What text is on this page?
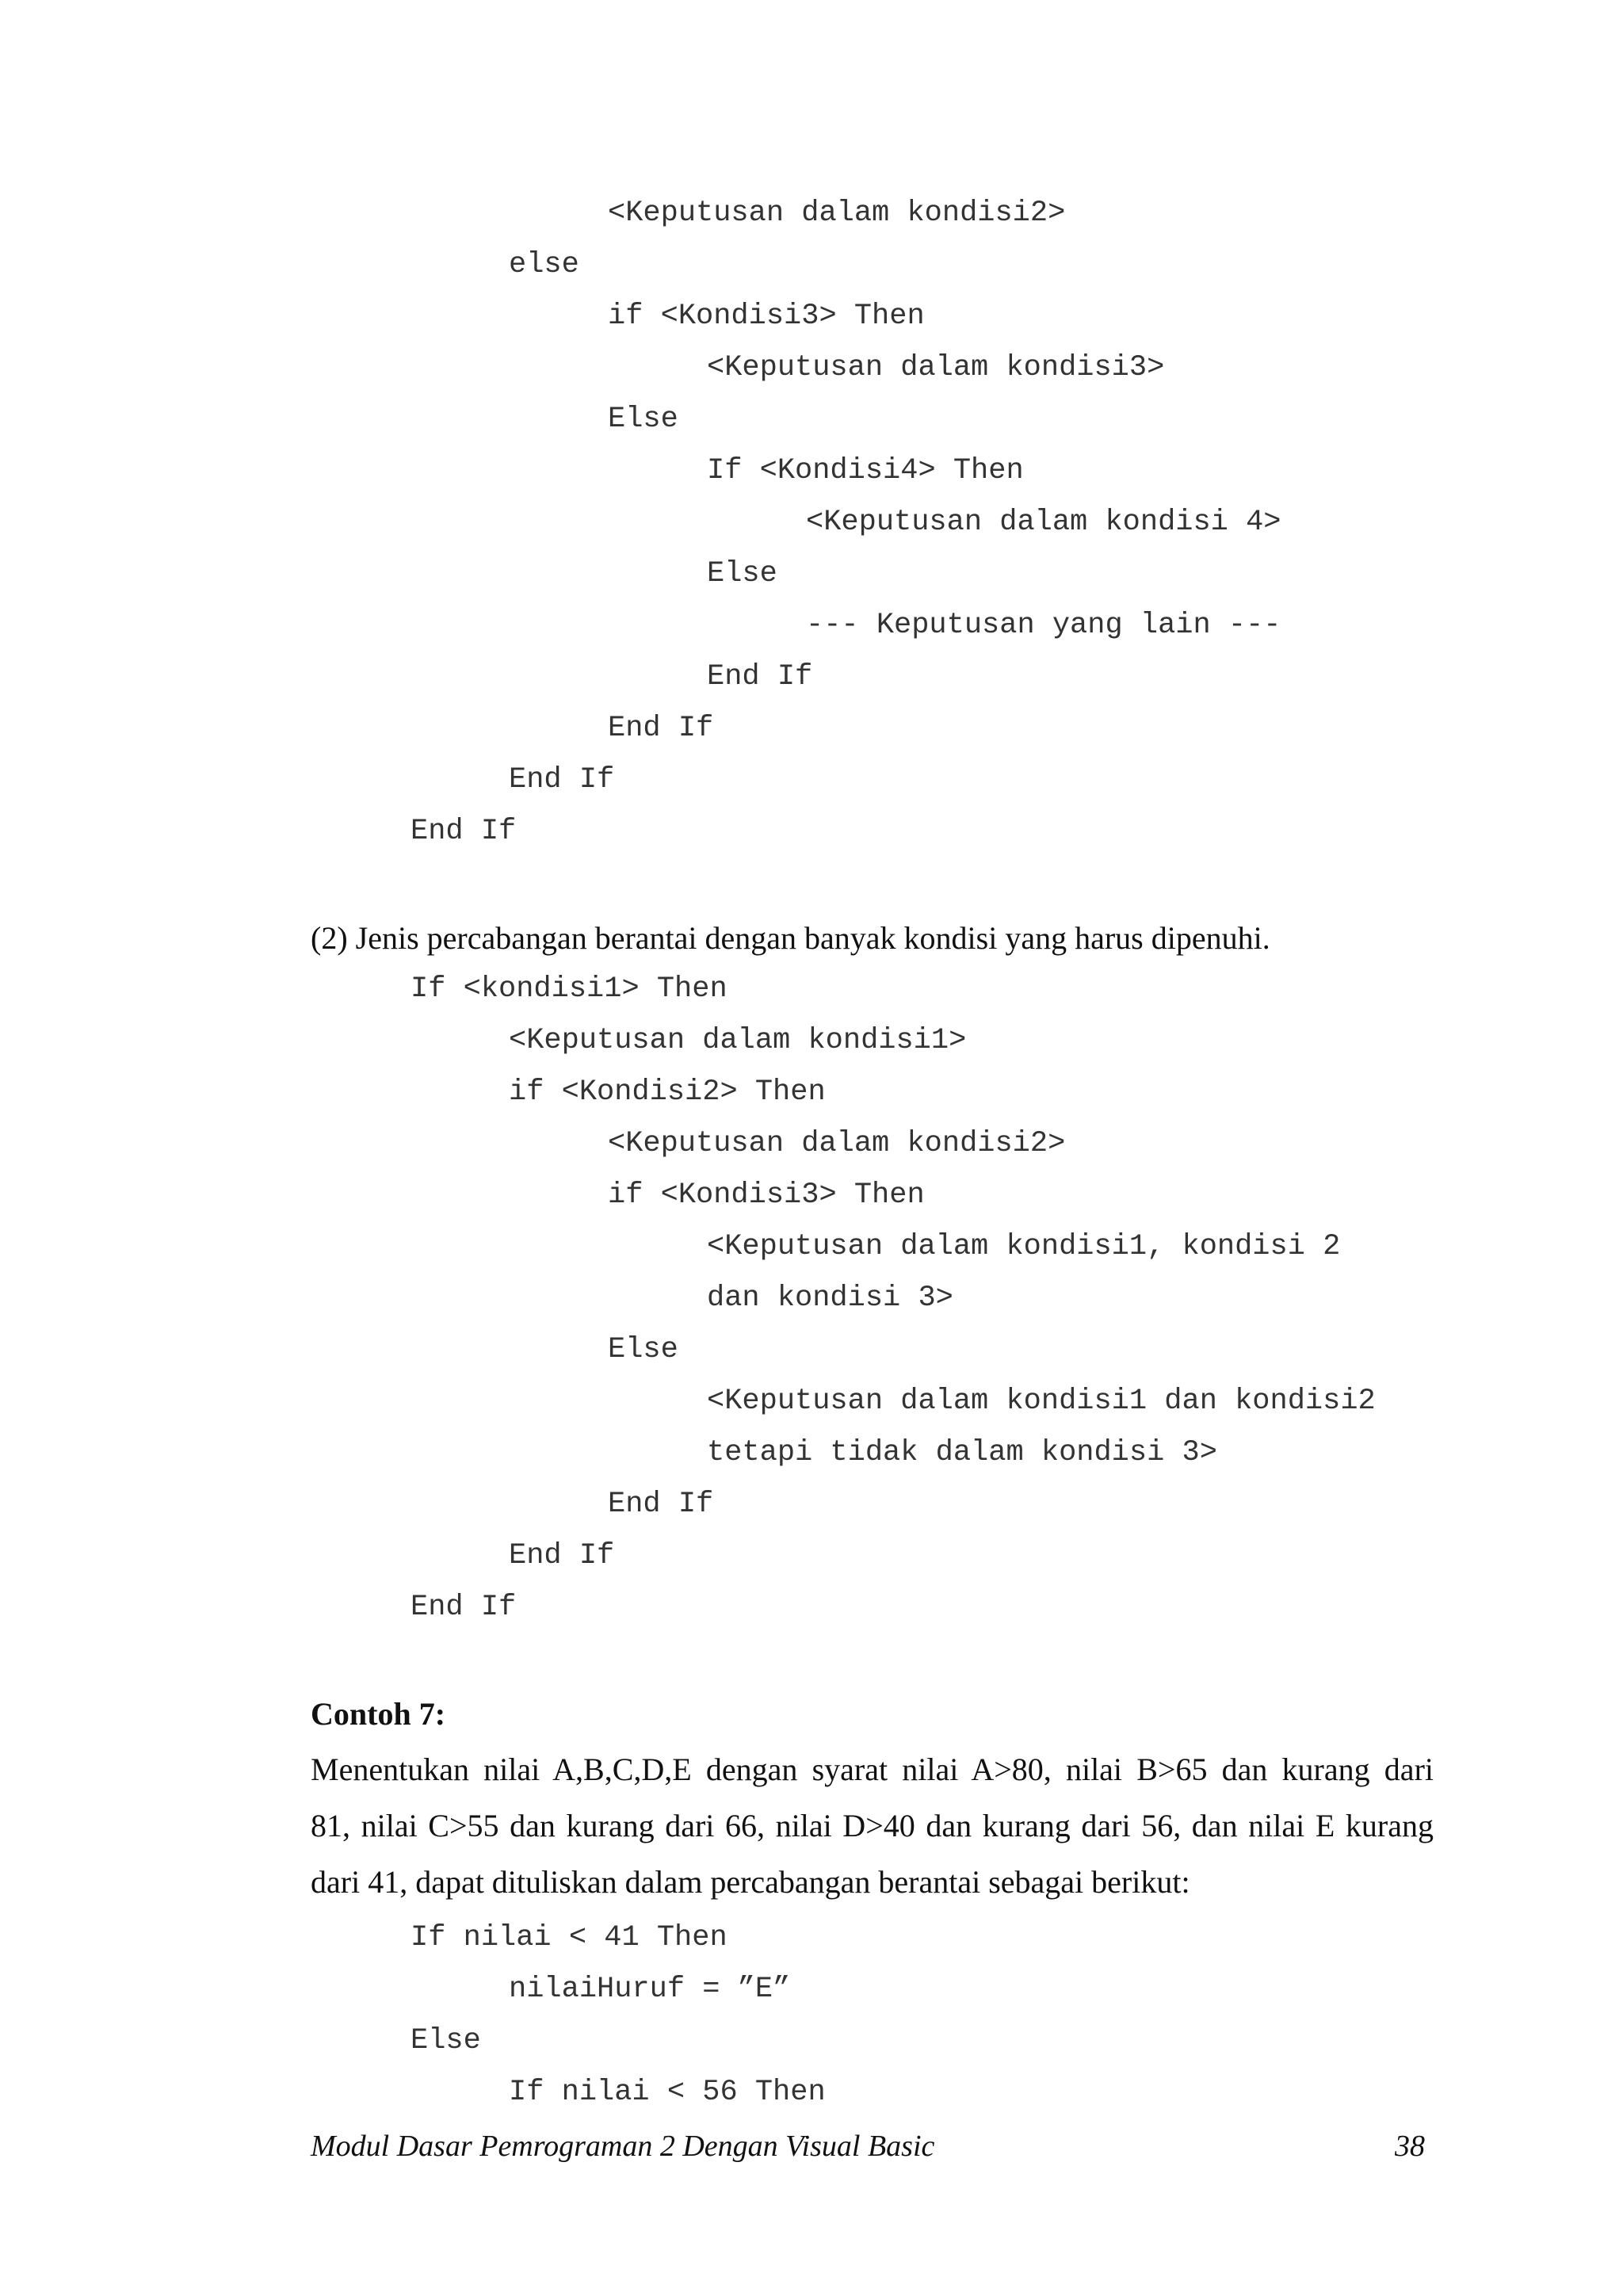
<Keputusan dalam kondisi2>
else
if <Kondisi3> Then
<Keputusan dalam kondisi3>
Else
If <Kondisi4> Then
<Keputusan dalam kondisi 4>
Else
--- Keputusan yang lain ---
End If
End If
End If
End If
(2) Jenis percabangan berantai dengan banyak kondisi yang harus dipenuhi.
If <kondisi1> Then
<Keputusan dalam kondisi1>
if <Kondisi2> Then
<Keputusan dalam kondisi2>
if <Kondisi3> Then
<Keputusan dalam kondisi1, kondisi 2
dan kondisi 3>
Else
<Keputusan dalam kondisi1 dan kondisi2
tetapi tidak dalam kondisi 3>
End If
End If
End If
Contoh 7:
Menentukan nilai A,B,C,D,E dengan syarat nilai A>80, nilai B>65 dan kurang dari
81, nilai C>55 dan kurang dari 66, nilai D>40 dan kurang dari 56, dan nilai E kurang
dari 41, dapat dituliskan dalam percabangan berantai sebagai berikut:
If nilai < 41 Then
nilaiHuruf = ”E”
Else
If nilai < 56 Then
Modul Dasar Pemrograman 2 Dengan Visual Basic	38
